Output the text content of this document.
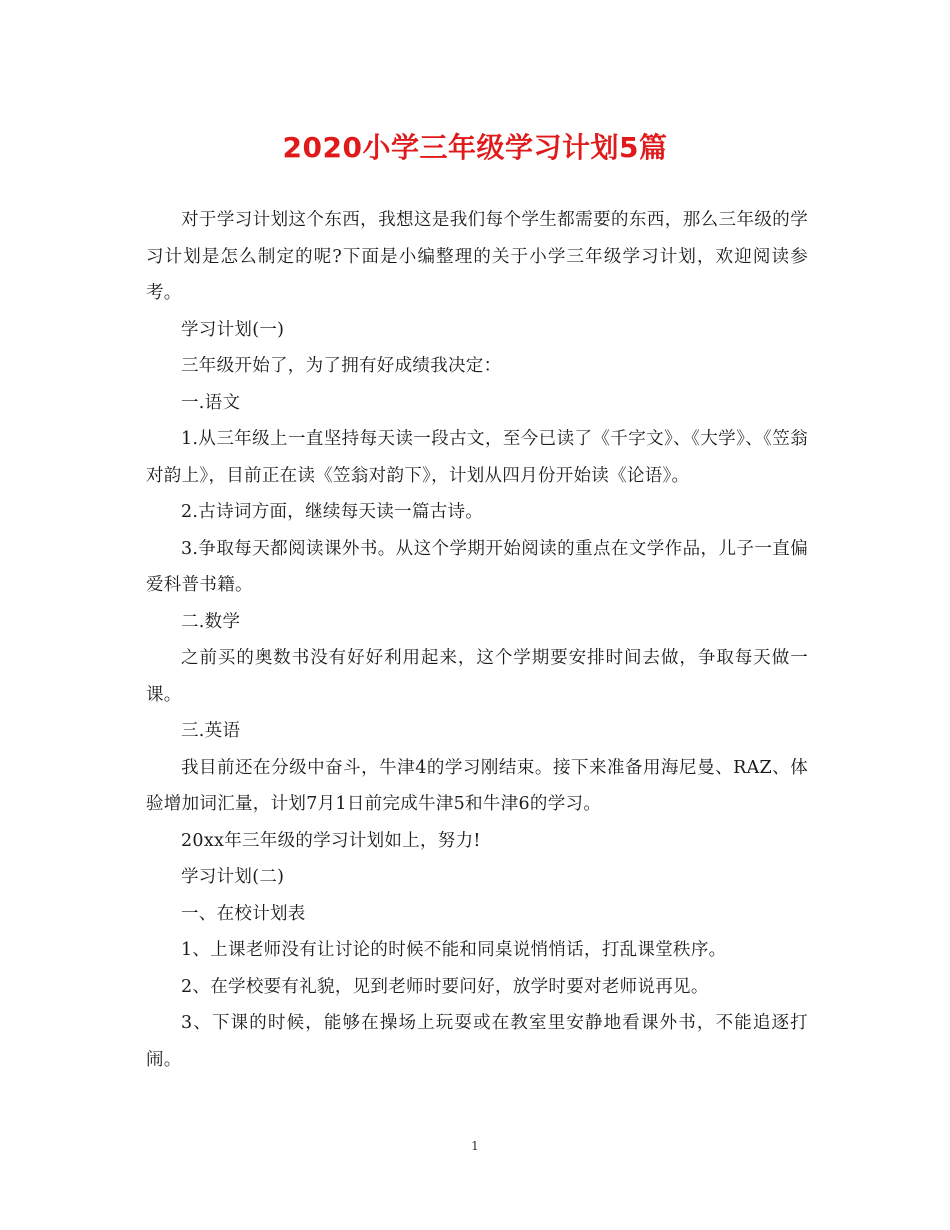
2020小学三年级学习计划5篇

对于学习计划这个东西，我想这是我们每个学生都需要的东西，那么三年级的学习计划是怎么制定的呢?下面是小编整理的关于小学三年级学习计划，欢迎阅读参考。

学习计划(一)

三年级开始了，为了拥有好成绩我决定：

一.语文

1.从三年级上一直坚持每天读一段古文，至今已读了《千字文》、《大学》、《笠翁对韵上》，目前正在读《笠翁对韵下》，计划从四月份开始读《论语》。

2.古诗词方面，继续每天读一篇古诗。

3.争取每天都阅读课外书。从这个学期开始阅读的重点在文学作品，儿子一直偏爱科普书籍。

二.数学

之前买的奥数书没有好好利用起来，这个学期要安排时间去做，争取每天做一课。

三.英语

我目前还在分级中奋斗，牛津4的学习刚结束。接下来准备用海尼曼、RAZ、体验增加词汇量，计划7月1日前完成牛津5和牛津6的学习。

20xx年三年级的学习计划如上，努力!

学习计划(二)

一、在校计划表

1、上课老师没有让讨论的时候不能和同桌说悄悄话，打乱课堂秩序。

2、在学校要有礼貌，见到老师时要问好，放学时要对老师说再见。

3、下课的时候，能够在操场上玩耍或在教室里安静地看课外书，不能追逐打闹。

1
